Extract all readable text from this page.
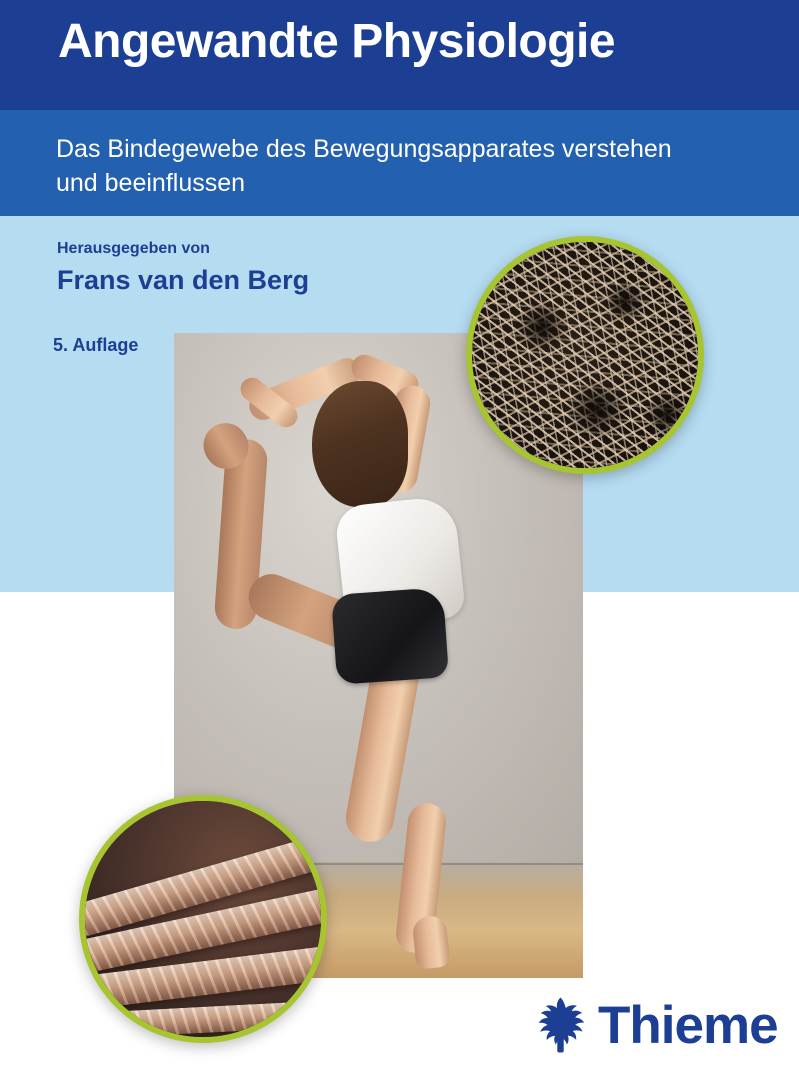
Angewandte Physiologie

Das Bindegewebe des Bewegungsapparates verstehen und beeinflussen

Herausgegeben von
Frans van den Berg
5. Auflage
Thieme
